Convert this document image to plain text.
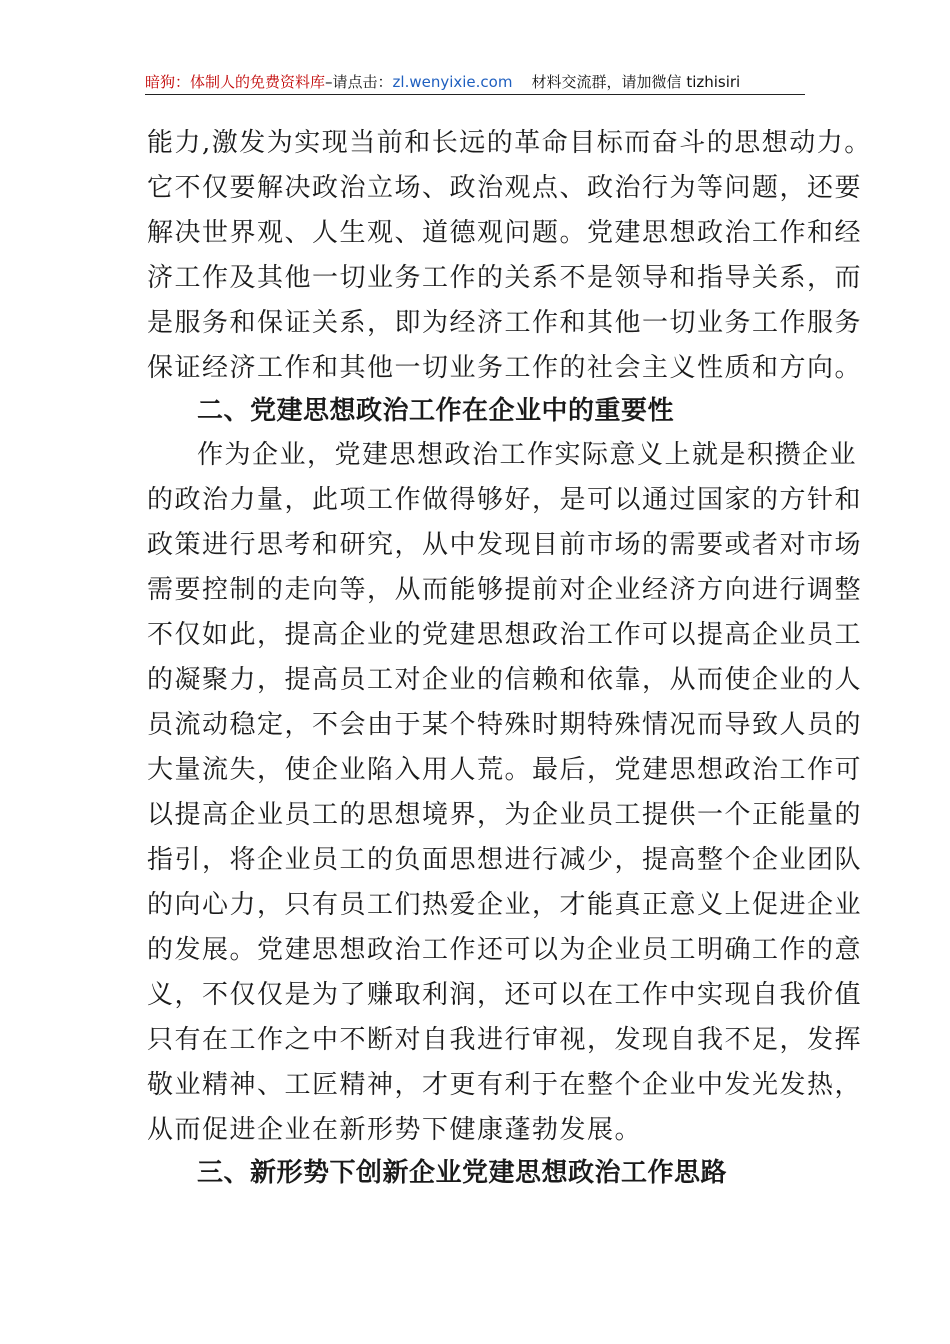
暗狗：体制人的免费资料库–请点击：zl.wenyixie.com 材料交流群，请加微信 tizhisiri
能力,激发为实现当前和长远的革命目标而奋斗的思想动力。
它不仅要解决政治立场、政治观点、政治行为等问题，还要
解决世界观、人生观、道德观问题。党建思想政治工作和经
济工作及其他一切业务工作的关系不是领导和指导关系，而
是服务和保证关系，即为经济工作和其他一切业务工作服务
保证经济工作和其他一切业务工作的社会主义性质和方向。
二、党建思想政治工作在企业中的重要性
作为企业，党建思想政治工作实际意义上就是积攒企业
的政治力量，此项工作做得够好，是可以通过国家的方针和
政策进行思考和研究，从中发现目前市场的需要或者对市场
需要控制的走向等，从而能够提前对企业经济方向进行调整
不仅如此，提高企业的党建思想政治工作可以提高企业员工
的凝聚力，提高员工对企业的信赖和依靠，从而使企业的人
员流动稳定，不会由于某个特殊时期特殊情况而导致人员的
大量流失，使企业陷入用人荒。最后，党建思想政治工作可
以提高企业员工的思想境界，为企业员工提供一个正能量的
指引，将企业员工的负面思想进行减少，提高整个企业团队
的向心力，只有员工们热爱企业，才能真正意义上促进企业
的发展。党建思想政治工作还可以为企业员工明确工作的意
义，不仅仅是为了赚取利润，还可以在工作中实现自我价值
只有在工作之中不断对自我进行审视，发现自我不足，发挥
敬业精神、工匠精神，才更有利于在整个企业中发光发热，
从而促进企业在新形势下健康蓬勃发展。
三、新形势下创新企业党建思想政治工作思路
